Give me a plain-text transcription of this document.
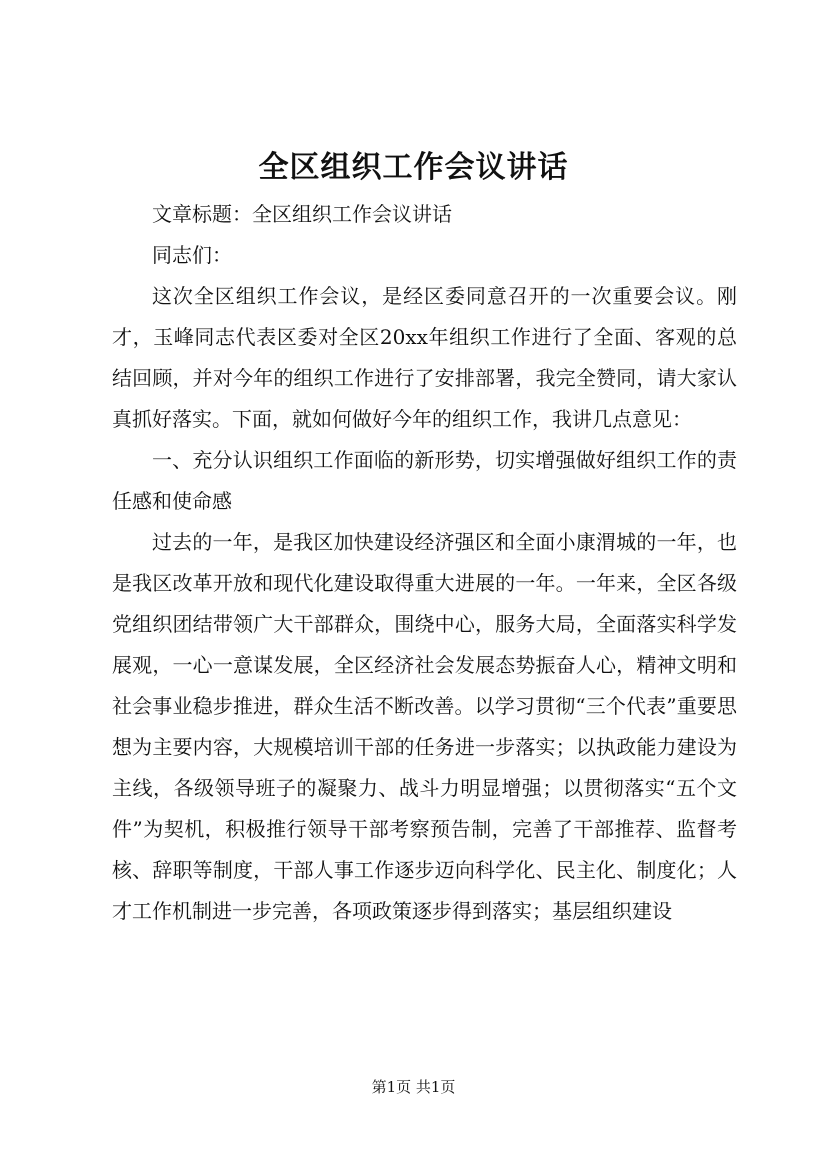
全区组织工作会议讲话

文章标题：全区组织工作会议讲话

同志们：

这次全区组织工作会议，是经区委同意召开的一次重要会议。刚才，玉峰同志代表区委对全区20xx年组织工作进行了全面、客观的总结回顾，并对今年的组织工作进行了安排部署，我完全赞同，请大家认真抓好落实。下面，就如何做好今年的组织工作，我讲几点意见：

一、充分认识组织工作面临的新形势，切实增强做好组织工作的责任感和使命感

过去的一年，是我区加快建设经济强区和全面小康渭城的一年，也是我区改革开放和现代化建设取得重大进展的一年。一年来，全区各级党组织团结带领广大干部群众，围绕中心，服务大局，全面落实科学发展观，一心一意谋发展，全区经济社会发展态势振奋人心，精神文明和社会事业稳步推进，群众生活不断改善。以学习贯彻“三个代表”重要思想为主要内容，大规模培训干部的任务进一步落实；以执政能力建设为主线，各级领导班子的凝聚力、战斗力明显增强；以贯彻落实“五个文件”为契机，积极推行领导干部考察预告制，完善了干部推荐、监督考核、辞职等制度，干部人事工作逐步迈向科学化、民主化、制度化；人才工作机制进一步完善，各项政策逐步得到落实；基层组织建设

第1页 共1页
